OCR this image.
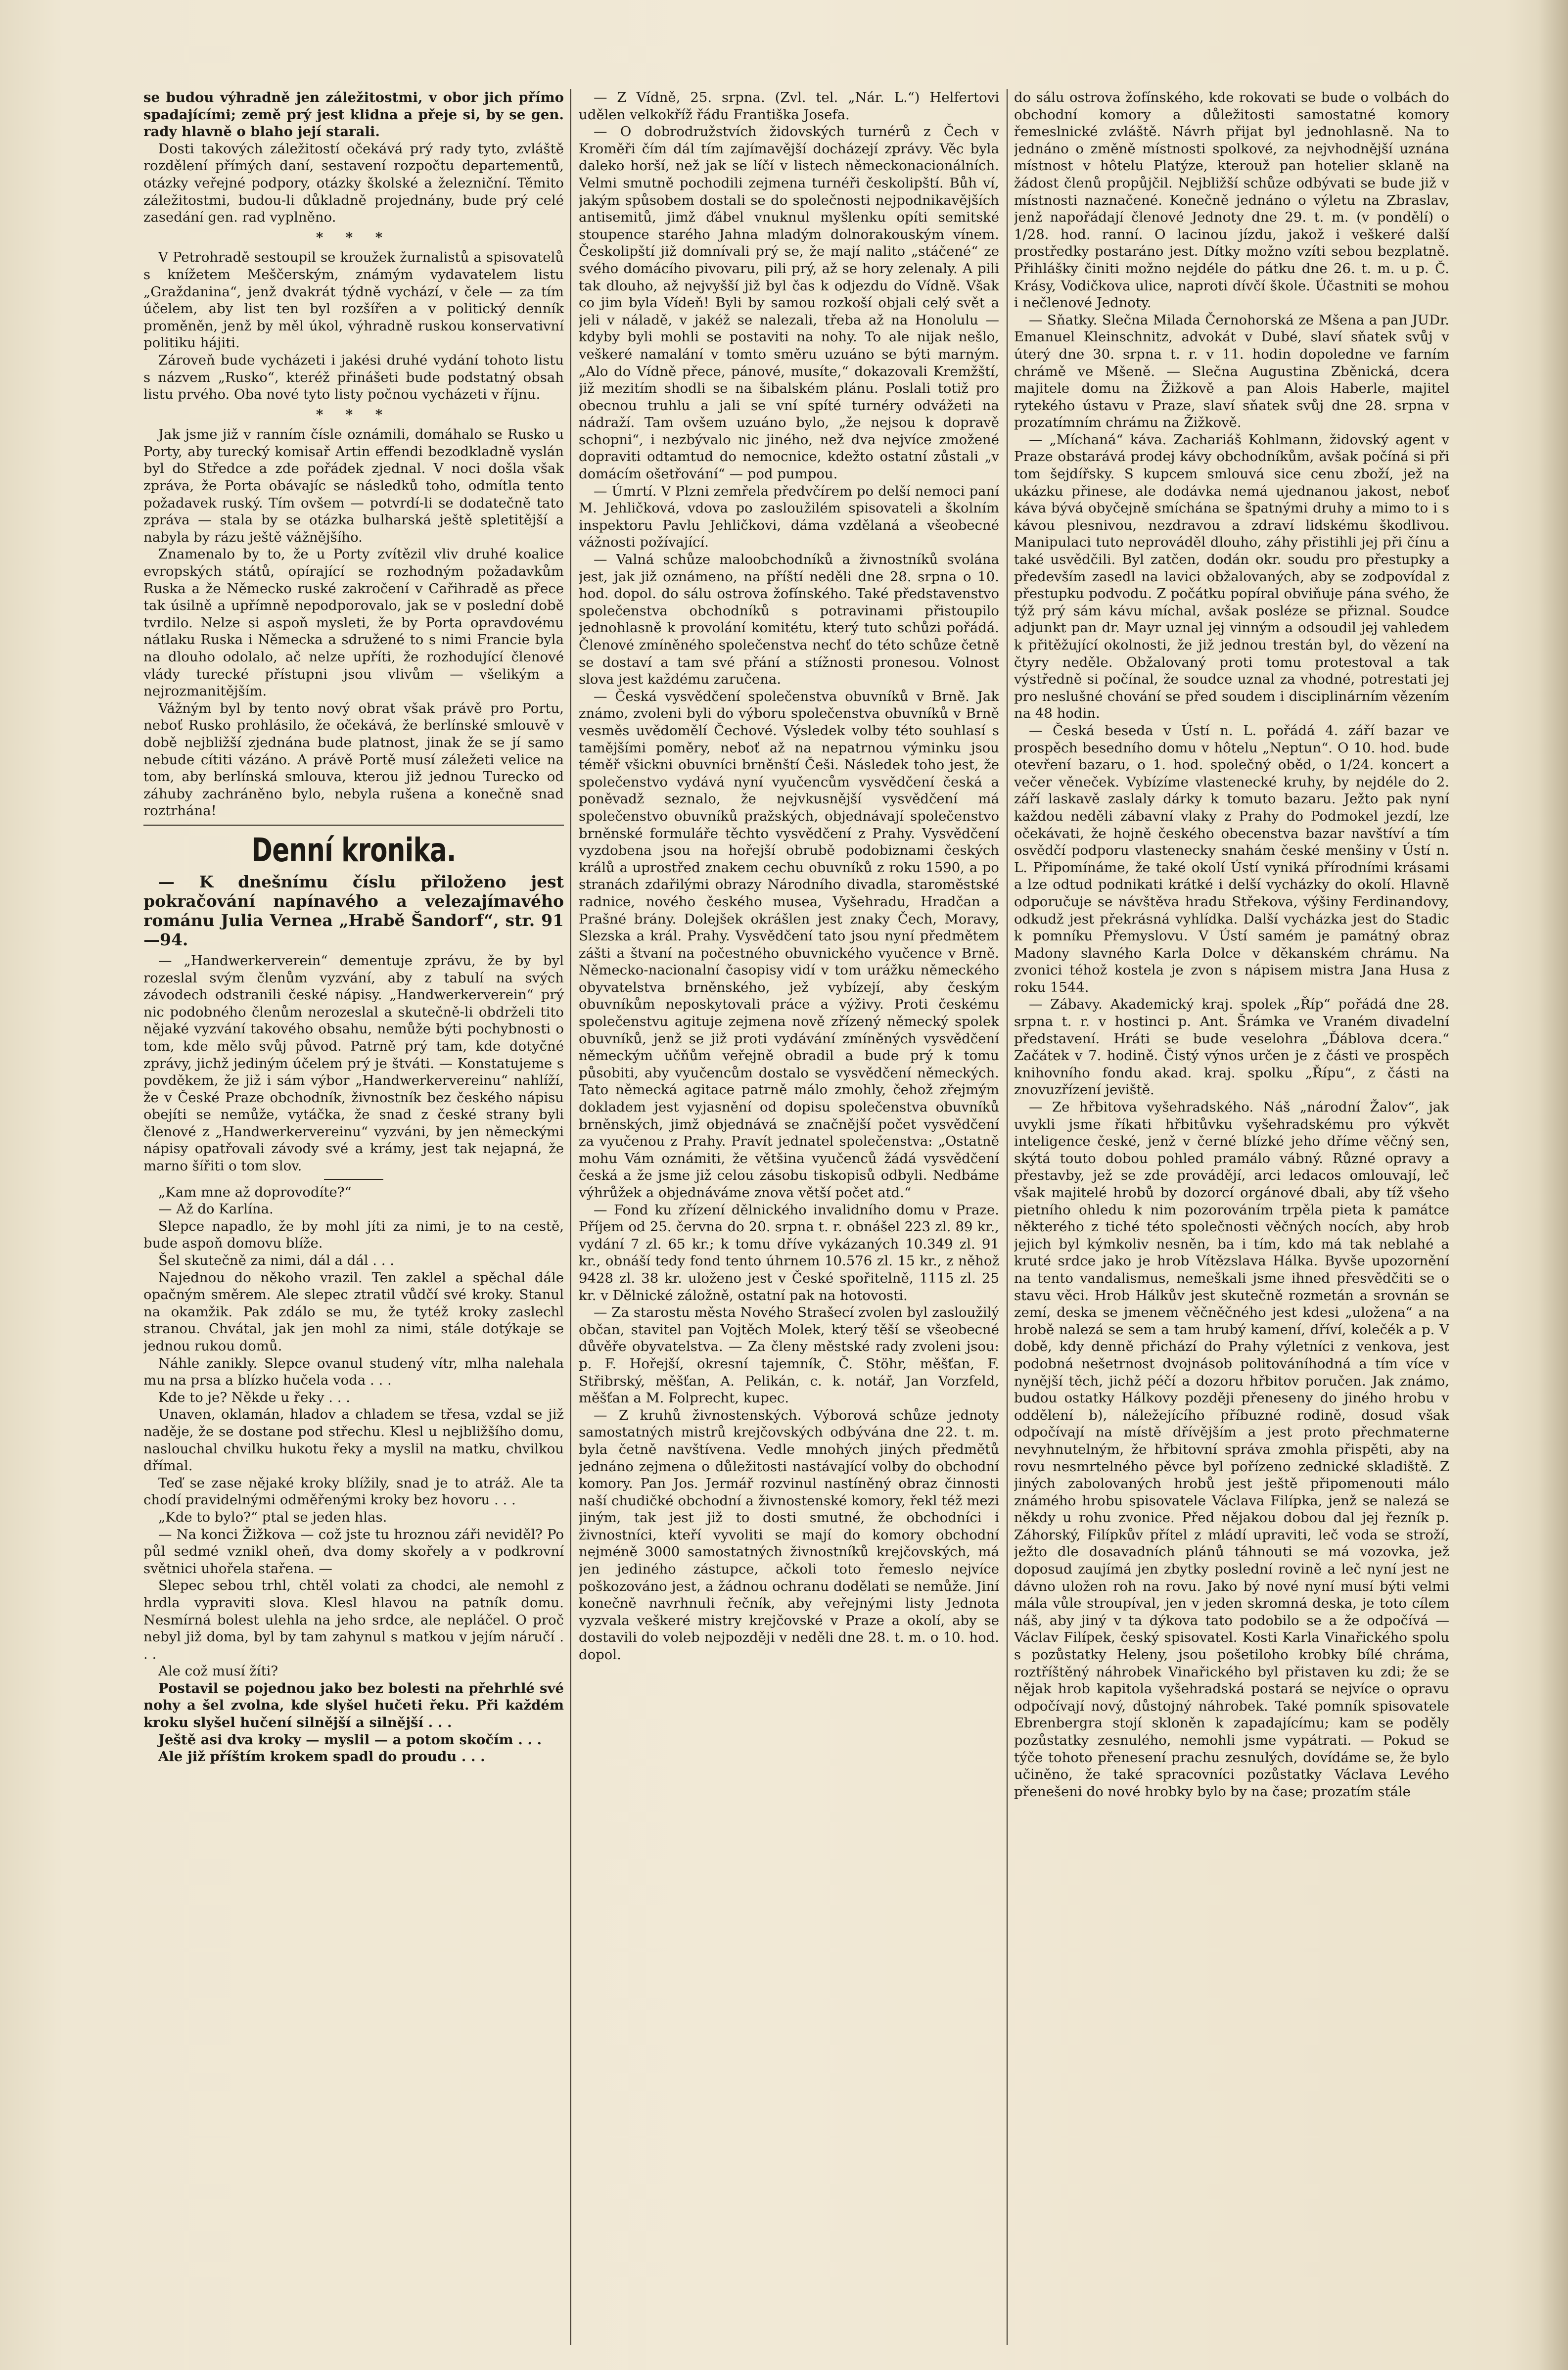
se budou výhradně jen záležitostmi, v obor jich přímo spadajícími; země prý jest klidna a přeje si, by se gen. rady hlavně o blaho její starali.

Dosti takových záležitostí očekává prý rady tyto, zvláště rozdělení přímých daní, sestavení rozpočtu departementů, otázky veřejné podpory, otázky školské a železniční. Těmito záležitostmi, budou-li důkladně projednány, bude prý celé zasedání gen. rad vyplněno.

* * *

V Petrohradě sestoupil se kroužek žurnalistů a spisovatelů s knížetem Meščerským, známým vydavatelem listu „Graždanina“, jenž dvakrát týdně vychází, v čele — za tím účelem, aby list ten byl rozšířen a v politický denník proměněn, jenž by měl úkol, výhradně ruskou konservativní politiku hájiti.

Zároveň bude vycházeti i jakési druhé vydání tohoto listu s názvem „Rusko“, kteréž přinášeti bude podstatný obsah listu prvého. Oba nové tyto listy počnou vycházeti v říjnu.

* * *

Jak jsme již v ranním čísle oznámili, domáhalo se Rusko u Porty, aby turecký komisař Artin effendi bezodkladně vyslán byl do Středce a zde pořádek zjednal. V noci došla však zpráva, že Porta obávajíc se následků toho, odmítla tento požadavek ruský. Tím ovšem — potvrdí-li se dodatečně tato zpráva — stala by se otázka bulharská ještě spletitější a nabyla by rázu ještě vážnějšího.

Znamenalo by to, že u Porty zvítězil vliv druhé koalice evropských států, opírající se rozhodným požadavkům Ruska a že Německo ruské zakročení v Cařihradě as přece tak úsilně a upřímně nepodporovalo, jak se v poslední době tvrdilo. Nelze si aspoň mysleti, že by Porta opravdovému nátlaku Ruska i Německa a sdružené to s nimi Francie byla na dlouho odolalo, ač nelze upříti, že rozhodující členové vlády turecké přístupni jsou vlivům — všelikým a nejrozmanitějším.

Vážným byl by tento nový obrat však právě pro Portu, neboť Rusko prohlásilo, že očekává, že berlínské smlouvě v době nejbližší zjednána bude platnost, jinak že se jí samo nebude cítiti vázáno. A právě Portě musí záležeti velice na tom, aby berlínská smlouva, kterou již jednou Turecko od záhuby zachráněno bylo, nebyla rušena a konečně snad roztrhána!

Denní kronika.

— K dnešnímu číslu přiloženo jest pokračování napínavého a velezajímavého románu Julia Vernea „Hrabě Šandorf“, str. 91—94.

— „Handwerkerverein“ dementuje zprávu, že by byl rozeslal svým členům vyzvání, aby z tabulí na svých závodech odstranili české nápisy. „Handwerkerverein“ prý nic podobného členům nerozeslal a skutečně-li obdrželi tito nějaké vyzvání takového obsahu, nemůže býti pochybnosti o tom, kde mělo svůj původ. Patrně prý tam, kde dotyčné zprávy, jichž jediným účelem prý je štváti. — Konstatujeme s povděkem, že již i sám výbor „Handwerkervereinu“ nahlíží, že v České Praze obchodník, živnostník bez českého nápisu obejíti se nemůže, vytáčka, že snad z české strany byli členové z „Handwerkervereinu“ vyzváni, by jen německými nápisy opatřovali závody své a krámy, jest tak nejapná, že marno šířiti o tom slov.

„Kam mne až doprovodíte?“

— Až do Karlína.

Slepce napadlo, že by mohl jíti za nimi, je to na cestě, bude aspoň domovu blíže.

Šel skutečně za nimi, dál a dál . . .

Najednou do někoho vrazil. Ten zaklel a spěchal dále opačným směrem. Ale slepec ztratil vůdčí své kroky. Stanul na okamžik. Pak zdálo se mu, že tytéž kroky zaslechl stranou. Chvátal, jak jen mohl za nimi, stále dotýkaje se jednou rukou domů.

Náhle zanikly. Slepce ovanul studený vítr, mlha nalehala mu na prsa a blízko hučela voda . . .

Kde to je? Někde u řeky . . .

Unaven, oklamán, hladov a chladem se třesa, vzdal se již naděje, že se dostane pod střechu. Klesl u nejbližšího domu, naslouchal chvilku hukotu řeky a myslil na matku, chvilkou dřímal.

Teď se zase nějaké kroky blížily, snad je to atráž. Ale ta chodí pravidelnými odměřenými kroky bez hovoru . . .

„Kde to bylo?“ ptal se jeden hlas.

— Na konci Žižkova — což jste tu hroznou záři neviděl? Po půl sedmé vznikl oheň, dva domy skořely a v podkrovní světnici uhořela stařena. —

Slepec sebou trhl, chtěl volati za chodci, ale nemohl z hrdla vypraviti slova. Klesl hlavou na patník domu. Nesmírná bolest ulehla na jeho srdce, ale nepláčel. O proč nebyl již doma, byl by tam zahynul s matkou v jejím náručí . . .

Ale což musí žíti?

Postavil se pojednou jako bez bolesti na přehrhlé své nohy a šel zvolna, kde slyšel hučeti řeku. Při každém kroku slyšel hučení silnější a silnější . . .

Ještě asi dva kroky — myslil — a potom skočím . . .

Ale již příštím krokem spadl do proudu . . .

— Z Vídně, 25. srpna. (Zvl. tel. „Nár. L.“) Helfertovi udělen velkokříž řádu Františka Josefa.

— O dobrodružstvích židovských turnérů z Čech v Kroměři čím dál tím zajímavější docházejí zprávy. Věc byla daleko horší, než jak se líčí v listech německonacionálních. Velmi smutně pochodili zejmena turnéři českolipští. Bůh ví, jakým spůsobem dostali se do společnosti nejpodnikavějších antisemitů, jimž ďábel vnuknul myšlenku opíti semitské stoupence starého Jahna mladým dolnorakouským vínem. Českolipští již domnívali prý se, že mají nalito „stáčené“ ze svého domácího pivovaru, pili prý, až se hory zelenaly. A pili tak dlouho, až nejvyšší již byl čas k odjezdu do Vídně. Však co jim byla Vídeň! Byli by samou rozkoší objali celý svět a jeli v náladě, v jakéž se nalezali, třeba až na Honolulu — kdyby byli mohli se postaviti na nohy. To ale nijak nešlo, veškeré namalání v tomto směru uzuáno se býti marným. „Alo do Vídně přece, pánové, musíte,“ dokazovali Kremžští, již mezitím shodli se na šibalském plánu. Poslali totiž pro obecnou truhlu a jali se vní spíté turnéry odvážeti na nádraží. Tam ovšem uzuáno bylo, „že nejsou k dopravě schopni“, i nezbývalo nic jiného, než dva nejvíce zmožené dopraviti odtamtud do nemocnice, kdežto ostatní zůstali „v domácím ošetřování“ — pod pumpou.

— Úmrtí. V Plzni zemřela předvčírem po delší nemoci paní M. Jehličková, vdova po zasloužilém spisovateli a školním inspektoru Pavlu Jehličkovi, dáma vzdělaná a všeobecné vážnosti požívající.

— Valná schůze maloobchodníků a živnostníků svolána jest, jak již oznámeno, na příští neděli dne 28. srpna o 10. hod. dopol. do sálu ostrova žofínského. Také představenstvo společenstva obchodníků s potravinami přistoupilo jednohlasně k provolání komitétu, který tuto schůzi pořádá. Členové zmíněného společenstva nechť do této schůze četně se dostaví a tam své přání a stížnosti pronesou. Volnost slova jest každému zaručena.

— Česká vysvědčení společenstva obuvníků v Brně. Jak známo, zvoleni byli do výboru společenstva obuvníků v Brně vesměs uvědomělí Čechové. Výsledek volby této souhlasí s tamějšími poměry, neboť až na nepatrnou výminku jsou téměř všickni obuvníci brněnští Češi. Následek toho jest, že společenstvo vydává nyní vyučencům vysvědčení česká a poněvadž seznalo, že nejvkusnější vysvědčení má společenstvo obuvníků pražských, objednávají společenstvo brněnské formuláře těchto vysvědčení z Prahy. Vysvědčení vyzdobena jsou na hořejší obrubě podobiznami českých králů a uprostřed znakem cechu obuvníků z roku 1590, a po stranách zdařilými obrazy Národního divadla, staroměstské radnice, nového českého musea, Vyšehradu, Hradčan a Prašné brány. Dolejšek okrášlen jest znaky Čech, Moravy, Slezska a král. Prahy. Vysvědčení tato jsou nyní předmětem zášti a štvaní na počestného obuvnického vyučence v Brně. Německo-nacionalní časopisy vidí v tom urážku německého obyvatelstva brněnského, jež vybízejí, aby českým obuvníkům neposkytovali práce a výživy. Proti českému společenstvu agituje zejmena nově zřízený německý spolek obuvníků, jenž se již proti vydávání zmíněných vysvědčení německým učňům veřejně obradil a bude prý k tomu působiti, aby vyučencům dostalo se vysvědčení německých. Tato německá agitace patrně málo zmohly, čehož zřejmým dokladem jest vyjasnění od dopisu společenstva obuvníků brněnských, jimž objednává se značnější počet vysvědčení za vyučenou z Prahy. Pravít jednatel společenstva: „Ostatně mohu Vám oznámiti, že většina vyučenců žádá vysvědčení česká a že jsme již celou zásobu tiskopisů odbyli. Nedbáme výhrůžek a objednáváme znova větší počet atd.“

— Fond ku zřízení dělnického invalidního domu v Praze. Příjem od 25. června do 20. srpna t. r. obnášel 223 zl. 89 kr., vydání 7 zl. 65 kr.; k tomu dříve vykázaných 10.349 zl. 91 kr., obnáší tedy fond tento úhrnem 10.576 zl. 15 kr., z něhož 9428 zl. 38 kr. uloženo jest v České spořitelně, 1115 zl. 25 kr. v Dělnické záložně, ostatní pak na hotovosti.

— Za starostu města Nového Strašecí zvolen byl zasloužilý občan, stavitel pan Vojtěch Molek, který těší se všeobecné důvěře obyvatelstva. — Za členy městské rady zvoleni jsou: p. F. Hořejší, okresní tajemník, Č. Stöhr, měšťan, F. Střibrský, měšťan, A. Pelikán, c. k. notář, Jan Vorzfeld, měšťan a M. Folprecht, kupec.

— Z kruhů živnostenských. Výborová schůze jednoty samostatných mistrů krejčovských odbývána dne 22. t. m. byla četně navštívena. Vedle mnohých jiných předmětů jednáno zejmena o důležitosti nastávající volby do obchodní komory. Pan Jos. Jermář rozvinul nastíněný obraz činnosti naší chudičké obchodní a živnostenské komory, řekl též mezi jiným, tak jest již to dosti smutné, že obchodníci i živnostníci, kteří vyvoliti se mají do komory obchodní nejméně 3000 samostatných živnostníků krejčovských, má jen jediného zástupce, ačkoli toto řemeslo nejvíce poškozováno jest, a žádnou ochranu dodělati se nemůže. Jiní konečně navrhnuli řečník, aby veřejnými listy Jednota vyzvala veškeré mistry krejčovské v Praze a okolí, aby se dostavili do voleb nejpozději v neděli dne 28. t. m. o 10. hod. dopol.

do sálu ostrova žofínského, kde rokovati se bude o volbách do obchodní komory a důležitosti samostatné komory řemeslnické zvláště. Návrh přijat byl jednohlasně. Na to jednáno o změně místnosti spolkové, za nejvhodnější uznána místnost v hôtelu Platýze, kterouž pan hotelier sklaně na žádost členů propůjčil. Nejbližší schůze odbývati se bude již v místnosti naznačené. Konečně jednáno o výletu na Zbraslav, jenž napořádají členové Jednoty dne 29. t. m. (v pondělí) o 1/28. hod. ranní. O lacinou jízdu, jakož i veškeré další prostředky postaráno jest. Dítky možno vzíti sebou bezplatně. Přihlášky činiti možno nejdéle do pátku dne 26. t. m. u p. Č. Krásy, Vodičkova ulice, naproti dívčí škole. Účastniti se mohou i nečlenové Jednoty.

— Sňatky. Slečna Milada Černohorská ze Mšena a pan JUDr. Emanuel Kleinschnitz, advokát v Dubé, slaví sňatek svůj v úterý dne 30. srpna t. r. v 11. hodin dopoledne ve farním chrámě ve Mšeně. — Slečna Augustina Zběnická, dcera majitele domu na Žižkově a pan Alois Haberle, majitel rytekého ústavu v Praze, slaví sňatek svůj dne 28. srpna v prozatímním chrámu na Žižkově.

— „Míchaná“ káva. Zachariáš Kohlmann, židovský agent v Praze obstarává prodej kávy obchodníkům, avšak počíná si při tom šejdířsky. S kupcem smlouvá sice cenu zboží, jež na ukázku přinese, ale dodávka nemá ujednanou jakost, neboť káva bývá obyčejně smíchána se špatnými druhy a mimo to i s kávou plesnivou, nezdravou a zdraví lidskému škodlivou. Manipulaci tuto neprováděl dlouho, záhy přistihli jej při čínu a také usvědčili. Byl zatčen, dodán okr. soudu pro přestupky a především zasedl na lavici obžalovaných, aby se zodpovídal z přestupku podvodu. Z počátku popíral obviňuje pána svého, že týž prý sám kávu míchal, avšak posléze se přiznal. Soudce adjunkt pan dr. Mayr uznal jej vinným a odsoudil jej vahledem k přitěžující okolnosti, že již jednou trestán byl, do vězení na čtyry neděle. Obžalovaný proti tomu protestoval a tak výstředně si počínal, že soudce uznal za vhodné, potrestati jej pro neslušné chování se před soudem i disciplinárním vězením na 48 hodin.

— Česká beseda v Ústí n. L. pořádá 4. září bazar ve prospěch besedního domu v hôtelu „Neptun“. O 10. hod. bude otevření bazaru, o 1. hod. společný oběd, o 1/24. koncert a večer věneček. Vybízíme vlastenecké kruhy, by nejdéle do 2. září laskavě zaslaly dárky k tomuto bazaru. Ježto pak nyní každou neděli zábavní vlaky z Prahy do Podmokel jezdí, lze očekávati, že hojně českého obecenstva bazar navštíví a tím osvědčí podporu vlastenecky snahám české menšiny v Ústí n. L. Připomínáme, že také okolí Ústí vyniká přírodními krásami a lze odtud podnikati krátké i delší vycházky do okolí. Hlavně odporučuje se návštěva hradu Střekova, výšiny Ferdinandovy, odkudž jest překrásná vyhlídka. Další vycházka jest do Stadic k pomníku Přemyslovu. V Ústí samém je památný obraz Madony slavného Karla Dolce v děkanském chrámu. Na zvonici téhož kostela je zvon s nápisem mistra Jana Husa z roku 1544.

— Zábavy. Akademický kraj. spolek „Říp“ pořádá dne 28. srpna t. r. v hostinci p. Ant. Šrámka ve Vraném divadelní představení. Hráti se bude veselohra „Ďáblova dcera.“ Začátek v 7. hodině. Čistý výnos určen je z části ve prospěch knihovního fondu akad. kraj. spolku „Řípu“, z části na znovuzřízení jeviště.

— Ze hřbitova vyšehradského. Náš „národní Žalov“, jak uvykli jsme říkati hřbitůvku vyšehradskému pro výkvět inteligence české, jenž v černé blízké jeho dříme věčný sen, skýtá touto dobou pohled pramálo vábný. Různé opravy a přestavby, jež se zde provádějí, arci ledacos omlouvají, leč však majitelé hrobů by dozorcí orgánové dbali, aby tíž všeho pietního ohledu k nim pozorováním trpěla pieta k památce některého z tiché této společnosti věčných nocích, aby hrob jejich byl kýmkoliv nesněn, ba i tím, kdo má tak neblahé a kruté srdce jako je hrob Vítězslava Hálka. Byvše upozornění na tento vandalismus, nemeškali jsme ihned přesvědčiti se o stavu věci. Hrob Hálkův jest skutečně rozmetán a srovnán se zemí, deska se jmenem věčněčného jest kdesi „uložena“ a na hrobě nalezá se sem a tam hrubý kamení, dříví, kolečék a p. V době, kdy denně přichází do Prahy výletníci z venkova, jest podobná nešetrnost dvojnásob politováníhodná a tím více v nynější těch, jichž péčí a dozoru hřbitov poručen. Jak známo, budou ostatky Hálkovy později přeneseny do jiného hrobu v oddělení b), náležejícího příbuzné rodině, dosud však odpočívají na místě dřívějším a jest proto přechmaterne nevyhnutelným, že hřbitovní správa zmohla přispěti, aby na rovu nesmrtelného pěvce byl pořízeno zednické skladiště. Z jiných zabolovaných hrobů jest ještě připomenouti málo známého hrobu spisovatele Václava Filípka, jenž se nalezá se někdy u rohu zvonice. Před nějakou dobou dal jej řezník p. Záhorský, Filípkův přítel z mládí upraviti, leč voda se stroží, ježto dle dosavadních plánů táhnouti se má vozovka, jež doposud zaujímá jen zbytky poslední rovině a leč nyní jest ne dávno uložen roh na rovu. Jako bý nové nyní musí býti velmi mála vůle stroupíval, jen v jeden skromná deska, je toto cílem náš, aby jiný v ta dýkova tato podobilo se a že odpočívá — Václav Filípek, český spisovatel. Kosti Karla Vinařického spolu s pozůstatky Heleny, jsou pošetiloho krobky bílé chráma, roztříštěný náhrobek Vinařického byl přistaven ku zdi; že se nějak hrob kapitola vyšehradská postará se nejvíce o opravu odpočívají nový, důstojný náhrobek. Také pomník spisovatele Ebrenbergra stojí skloněn k zapadajícímu; kam se poděly pozůstatky zesnulého, nemohli jsme vypátrati. — Pokud se týče tohoto přenesení prachu zesnulých, dovídáme se, že bylo učiněno, že také spracovníci pozůstatky Václava Levého přenešeni do nové hrobky bylo by na čase; prozatím stále
